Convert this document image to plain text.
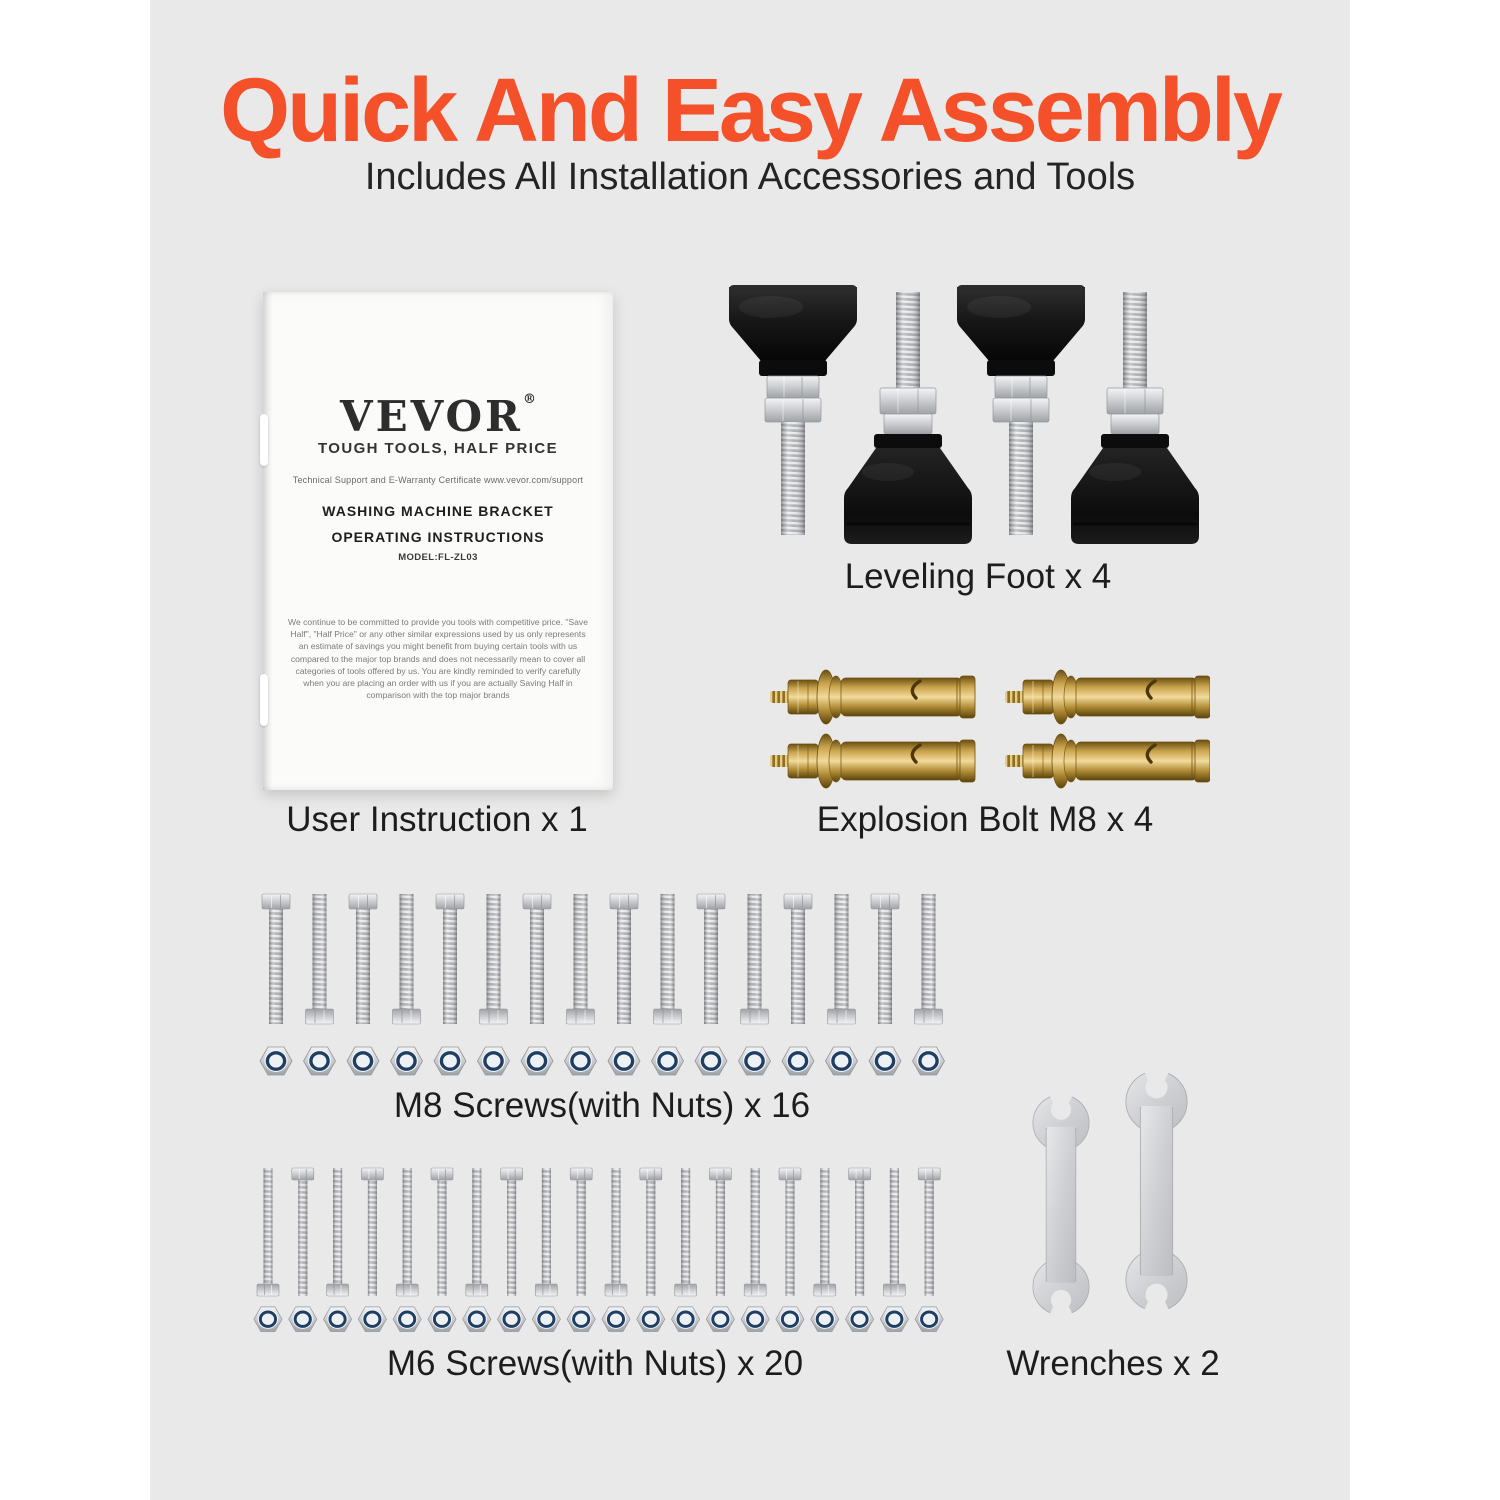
Quick And Easy Assembly
Includes All Installation Accessories and Tools
VEVOR®
TOUGH TOOLS, HALF PRICE
Technical Support and E-Warranty Certificate www.vevor.com/support
WASHING MACHINE BRACKET
OPERATING INSTRUCTIONS
MODEL:FL-ZL03
We continue to be committed to provide you tools with competitive price. "Save Half", "Half Price" or any other similar expressions used by us only represents an estimate of savings you might benefit from buying certain tools with us compared to the major top brands and does not necessarily mean to cover all categories of tools offered by us. You are kindly reminded to verify carefully when you are placing an order with us if you are actually Saving Half in comparison with the top major brands
User Instruction x 1
Leveling Foot x 4
Explosion Bolt M8 x 4
M8 Screws(with Nuts) x 16
M6 Screws(with Nuts) x 20	Wrenches x 2
